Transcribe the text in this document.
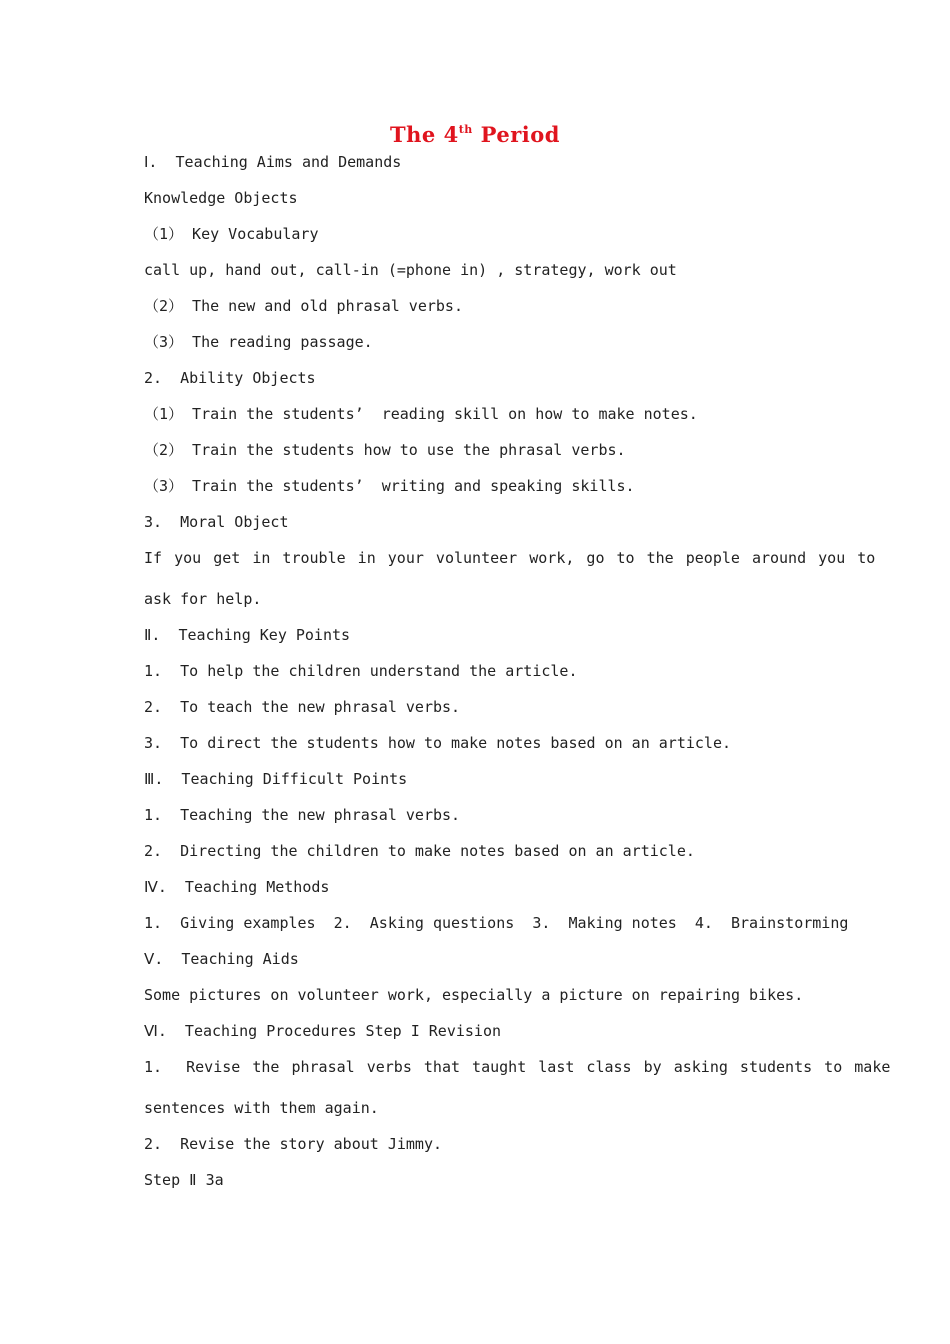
The 4th Period
Ⅰ.  Teaching Aims and Demands
Knowledge Objects
（1） Key Vocabulary
call up, hand out, call-in (=phone in) , strategy, work out
（2） The new and old phrasal verbs.
（3） The reading passage.
2.  Ability Objects
（1） Train the students’  reading skill on how to make notes.
（2） Train the students how to use the phrasal verbs.
（3） Train the students’  writing and speaking skills.
3.  Moral Object
If you get in trouble in your volunteer work, go to the people around you to
ask for help.
Ⅱ.  Teaching Key Points
1.  To help the children understand the article.
2.  To teach the new phrasal verbs.
3.  To direct the students how to make notes based on an article.
Ⅲ.  Teaching Difficult Points
1.  Teaching the new phrasal verbs.
2.  Directing the children to make notes based on an article.
Ⅳ.  Teaching Methods
1.  Giving examples  2.  Asking questions  3.  Making notes  4.  Brainstorming
Ⅴ.  Teaching Aids
Some pictures on volunteer work, especially a picture on repairing bikes.
Ⅵ.  Teaching Procedures Step I Revision
1.  Revise the phrasal verbs that taught last class by asking students to make
sentences with them again.
2.  Revise the story about Jimmy.
Step Ⅱ 3a
